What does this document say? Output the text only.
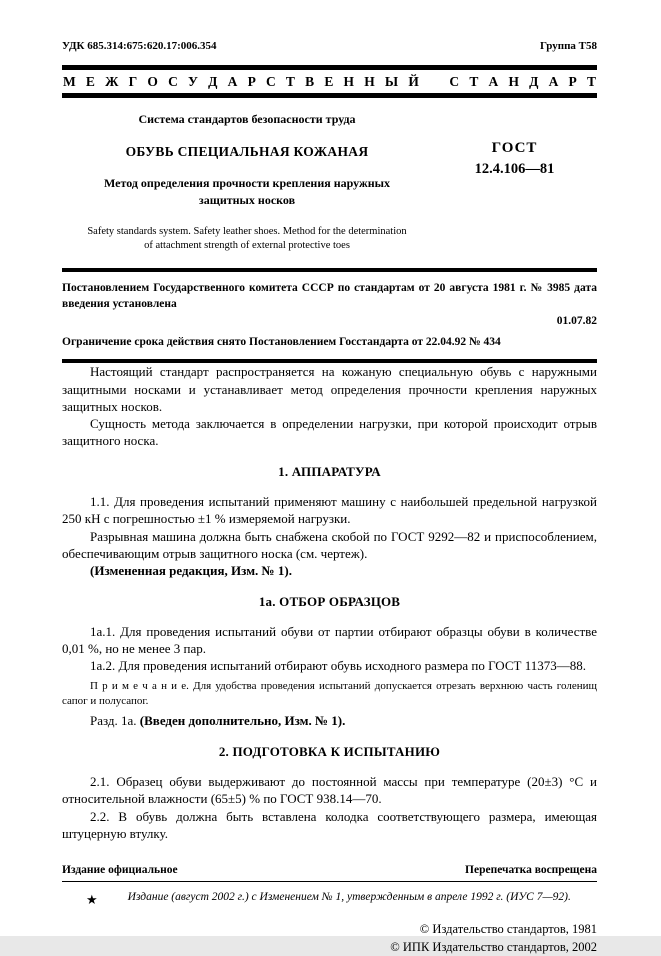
УДК 685.314:675:620.17:006.354	Группа Т58
М Е Ж Г О С У Д А Р С Т В Е Н Н Ы Й   С Т А Н Д А Р Т
Система стандартов безопасности труда
ОБУВЬ СПЕЦИАЛЬНАЯ КОЖАНАЯ
Метод определения прочности крепления наружных
защитных носков
ГОСТ
12.4.106—81
Safety standards system. Safety leather shoes. Method for the determination
of attachment strength of external protective toes

Постановлением Государственного комитета СССР по стандартам от 20 августа 1981 г. № 3985 дата введения установлена

01.07.82

Ограничение срока действия снято Постановлением Госстандарта от 22.04.92 № 434

Настоящий стандарт распространяется на кожаную специальную обувь с наружными защитными носками и устанавливает метод определения прочности крепления наружных защитных носков.

Сущность метода заключается в определении нагрузки, при которой происходит отрыв защитного носка.

1. АППАРАТУРА

1.1. Для проведения испытаний применяют машину с наибольшей предельной нагрузкой 250 кН с погрешностью ±1 % измеряемой нагрузки.

Разрывная машина должна быть снабжена скобой по ГОСТ 9292—82 и приспособлением, обеспечивающим отрыв защитного носка (см. чертеж).

(Измененная редакция, Изм. № 1).

1а. ОТБОР ОБРАЗЦОВ

1а.1. Для проведения испытаний обуви от партии отбирают образцы обуви в количестве 0,01 %, но не менее 3 пар.

1а.2. Для проведения испытаний отбирают обувь исходного размера по ГОСТ 11373—88.

П р и м е ч а н и е. Для удобства проведения испытаний допускается отрезать верхнюю часть голенищ сапог и полусапог.

Разд. 1а. (Введен дополнительно, Изм. № 1).

2. ПОДГОТОВКА К ИСПЫТАНИЮ

2.1. Образец обуви выдерживают до постоянной массы при температуре (20±3) °С и относительной влажности (65±5) % по ГОСТ 938.14—70.

2.2. В обувь должна быть вставлена колодка соответствующего размера, имеющая штуцерную втулку.

Издание официальное	Перепечатка воспрещена
★	Издание (август 2002 г.) с Изменением № 1, утвержденным в апреле 1992 г. (ИУС 7—92).
© Издательство стандартов, 1981
© ИПК Издательство стандартов, 2002
